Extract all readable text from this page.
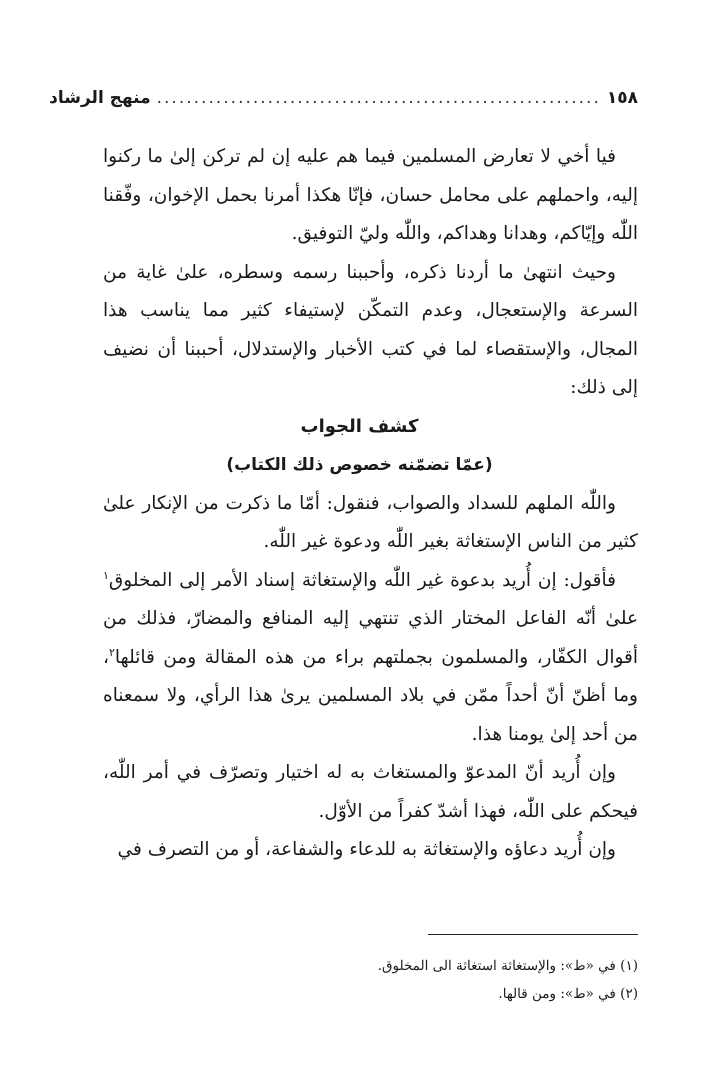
١٥٨
............................................................
منهج الرشاد

فيا أخي لا تعارض المسلمين فيما هم عليه إن لم تركن إلىٰ ما ركنوا إليه، واحملهم على محامل حسان، فإنّا هكذا أمرنا بحمل الإخوان، وفّقنا اللّٰه وإيّاكم، وهدانا وهداكم، واللّٰه وليّ التوفيق.

وحيث انتهىٰ ما أردنا ذكره، وأحببنا رسمه وسطره، علىٰ غاية من السرعة والإستعجال، وعدم التمكّن لإستيفاء كثير مما يناسب هذا المجال، والإستقصاء لما في كتب الأخبار والإستدلال، أحببنا أن نضيف إلى ذلك:

كشف الجواب

(عمّا تضمّنه خصوص ذلك الكتاب)

واللّٰه الملهم للسداد والصواب، فنقول: أمّا ما ذكرت من الإنكار علىٰ كثير من الناس الإستغاثة بغير اللّٰه ودعوة غير اللّٰه.

فأقول: إن أُريد بدعوة غير اللّٰه والإستغاثة إسناد الأمر إلى المخلوق$^١$ علىٰ أنّه الفاعل المختار الذي تنتهي إليه المنافع والمضارّ، فذلك من أقوال الكفّار، والمسلمون بجملتهم براء من هذه المقالة ومن قائلها$^٢$، وما أظنّ أنّ أحداً ممّن في بلاد المسلمين يرىٰ هذا الرأي، ولا سمعناه من أحد إلىٰ يومنا هذا.

وإن أُريد أنّ المدعوّ والمستغاث به له اختيار وتصرّف في أمر اللّٰه، فيحكم على اللّٰه، فهذا أشدّ كفراً من الأوّل.

وإن أُريد دعاؤه والإستغاثة به للدعاء والشفاعة، أو من التصرف في

(١) في «ط»: والإستغاثة استغاثة الى المخلوق.

(٢) في «ط»: ومن قالها.
